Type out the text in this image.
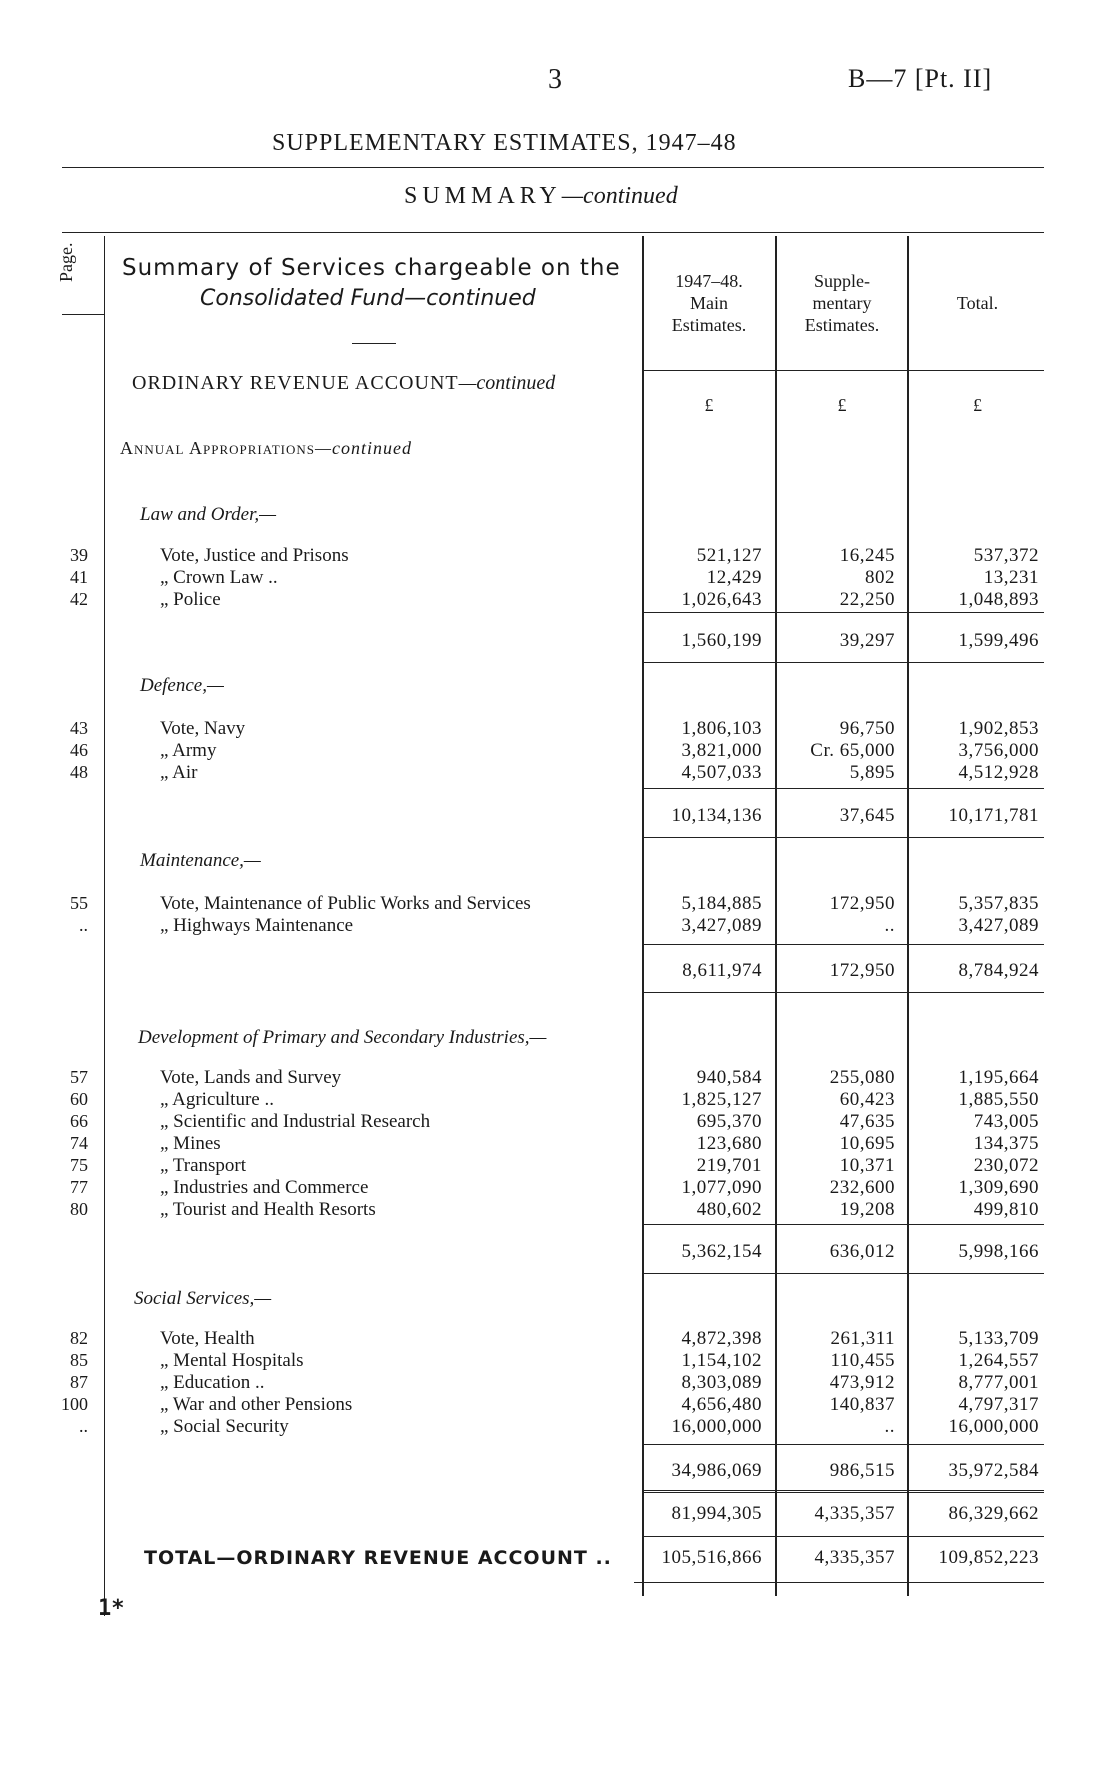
3	B—7 [Pt. II]
SUPPLEMENTARY ESTIMATES, 1947–48
SUMMARY—continued
Page. Summary of Services chargeable on the
Consolidated Fund—continued
1947–48.
Main
Estimates.
Supple-
mentary
Estimates.
Total.
ORDINARY REVENUE ACCOUNT—continued
£	£	£
Annual Appropriations—continued
Law and Order,—
39	Vote, Justice and Prisons	521,127	16,245	537,372
41	„ Crown Law ..	12,429	802	13,231
42	„ Police	1,026,643	22,250	1,048,893
1,560,199	39,297	1,599,496
Defence,—
43	Vote, Navy	1,806,103	96,750	1,902,853
46	„ Army	3,821,000	Cr. 65,000	3,756,000
48	„ Air	4,507,033	5,895	4,512,928
10,134,136	37,645	10,171,781
Maintenance,—
55	Vote, Maintenance of Public Works and Services	5,184,885	172,950	5,357,835
..	„ Highways Maintenance	3,427,089	..	3,427,089
8,611,974	172,950	8,784,924
Development of Primary and Secondary Industries,—
57	Vote, Lands and Survey	940,584	255,080	1,195,664
60	„ Agriculture ..	1,825,127	60,423	1,885,550
66	„ Scientific and Industrial Research	695,370	47,635	743,005
74	„ Mines	123,680	10,695	134,375
75	„ Transport	219,701	10,371	230,072
77	„ Industries and Commerce	1,077,090	232,600	1,309,690
80	„ Tourist and Health Resorts	480,602	19,208	499,810
5,362,154	636,012	5,998,166
Social Services,—
82	Vote, Health	4,872,398	261,311	5,133,709
85	„ Mental Hospitals	1,154,102	110,455	1,264,557
87	„ Education ..	8,303,089	473,912	8,777,001
100	„ War and other Pensions	4,656,480	140,837	4,797,317
..	„ Social Security	16,000,000	..	16,000,000
34,986,069	986,515	35,972,584
81,994,305	4,335,357	86,329,662
TOTAL—ORDINARY REVENUE ACCOUNT ..	105,516,866	4,335,357	109,852,223
1*
